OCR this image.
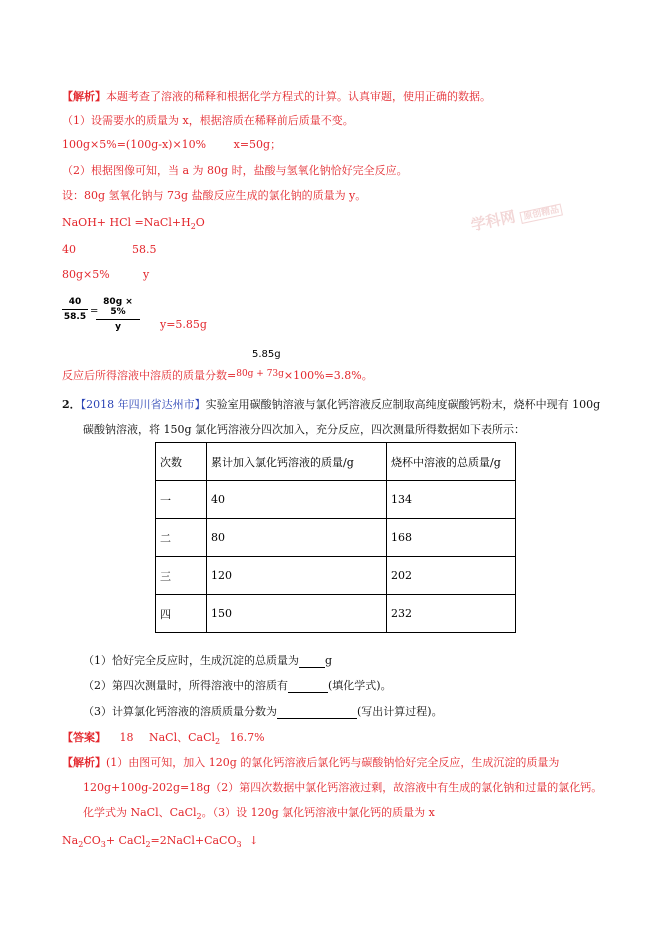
学科网 原创精品
【解析】本题考查了溶液的稀释和根据化学方程式的计算。认真审题，使用正确的数据。
（1）设需要水的质量为 x，根据溶质在稀释前后质量不变。
100g×5%=(100g-x)×10%	x=50g；
（2）根据图像可知，当 a 为 80g 时，盐酸与氢氧化钠恰好完全反应。
设：80g 氢氧化钠与 73g 盐酸反应生成的氯化钠的质量为 y。
NaOH+ HCl $=NaCl+H_2O$
40	58.5
80g×5%	y
40
58.5 =
80g × 5%
y	y=5.85g
5.85g
反应后所得溶液中溶质的质量分数=$^{80g + 73g}$×100%=3.8%。
2．【2018 年四川省达州市】实验室用碳酸钠溶液与氯化钙溶液反应制取高纯度碳酸钙粉末，烧杯中现有 100g
碳酸钠溶液，将 150g 氯化钙溶液分四次加入，充分反应，四次测量所得数据如下表所示：
次数	累计加入氯化钙溶液的质量/g	烧杯中溶液的总质量/g
一	40	134
二	80	168
三	120	202
四	150	232
（1）恰好完全反应时，生成沉淀的总质量为 g
（2）第四次测量时，所得溶液中的溶质有	(填化学式)。
（3）计算氯化钙溶液的溶质质量分数为	(写出计算过程)。
【答案】 18 NaCl、CaCl$_2$ 16.7%
【解析】(1）由图可知，加入 120g 的氯化钙溶液后氯化钙与碳酸钠恰好完全反应，生成沉淀的质量为
120g+100g-202g=18g（2）第四次数据中氯化钙溶液过剩，故溶液中有生成的氯化钠和过量的氯化钙。
化学式为 NaCl、CaCl$_2$。（3）设 120g 氯化钙溶液中氯化钙的质量为 x
$Na_2CO_3+$ CaCl$_2$=2NaCl+CaCO$_3$ ↓
